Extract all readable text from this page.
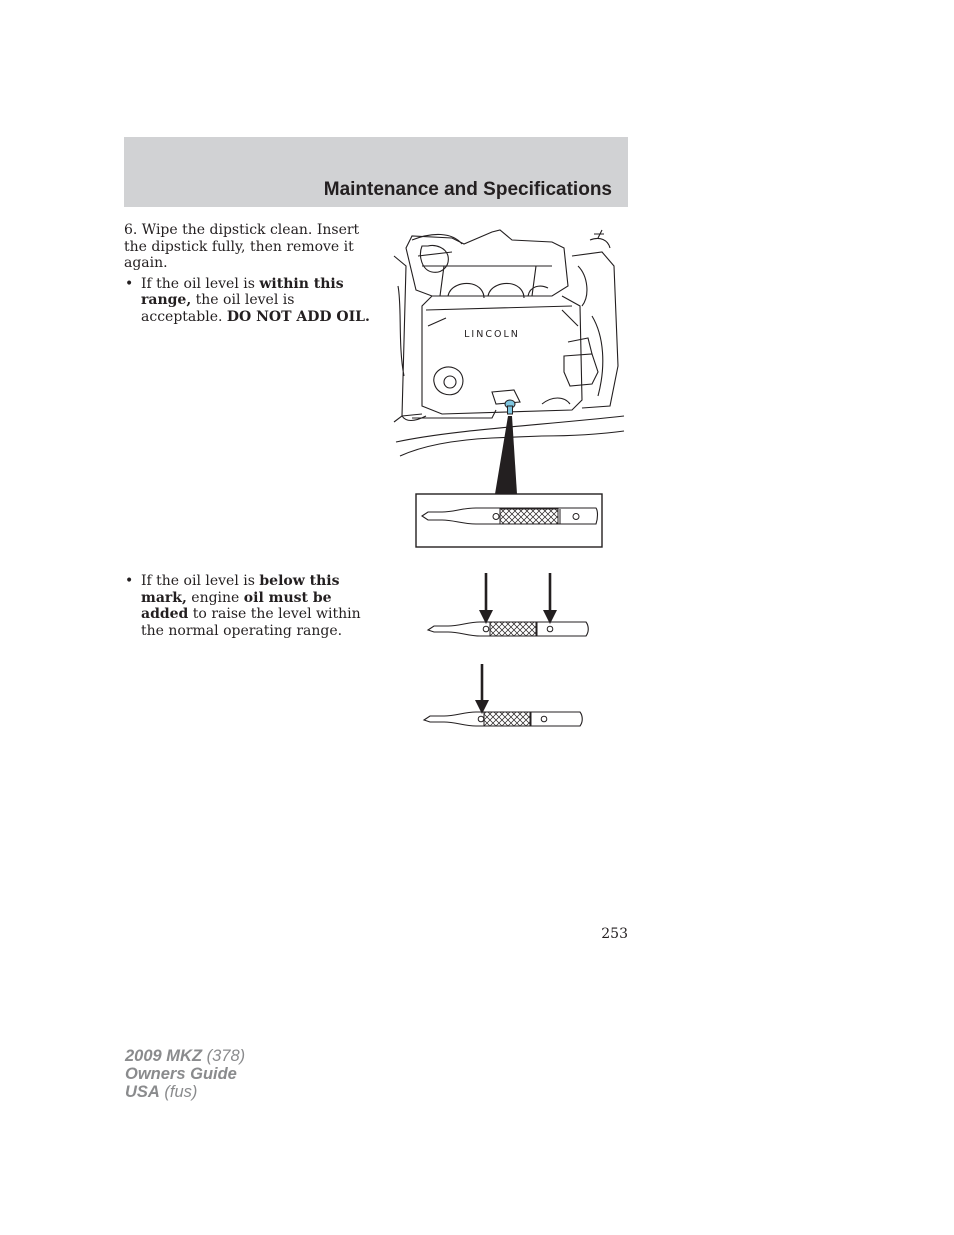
Maintenance and Specifications

6. Wipe the dipstick clean. Insert the dipstick fully, then remove it again.

• If the oil level is within this range, the oil level is acceptable. DO NOT ADD OIL.

• If the oil level is below this mark, engine oil must be added to raise the level within the normal operating range.

LINCOLN
253
2009 MKZ (378)
Owners Guide
USA (fus)
